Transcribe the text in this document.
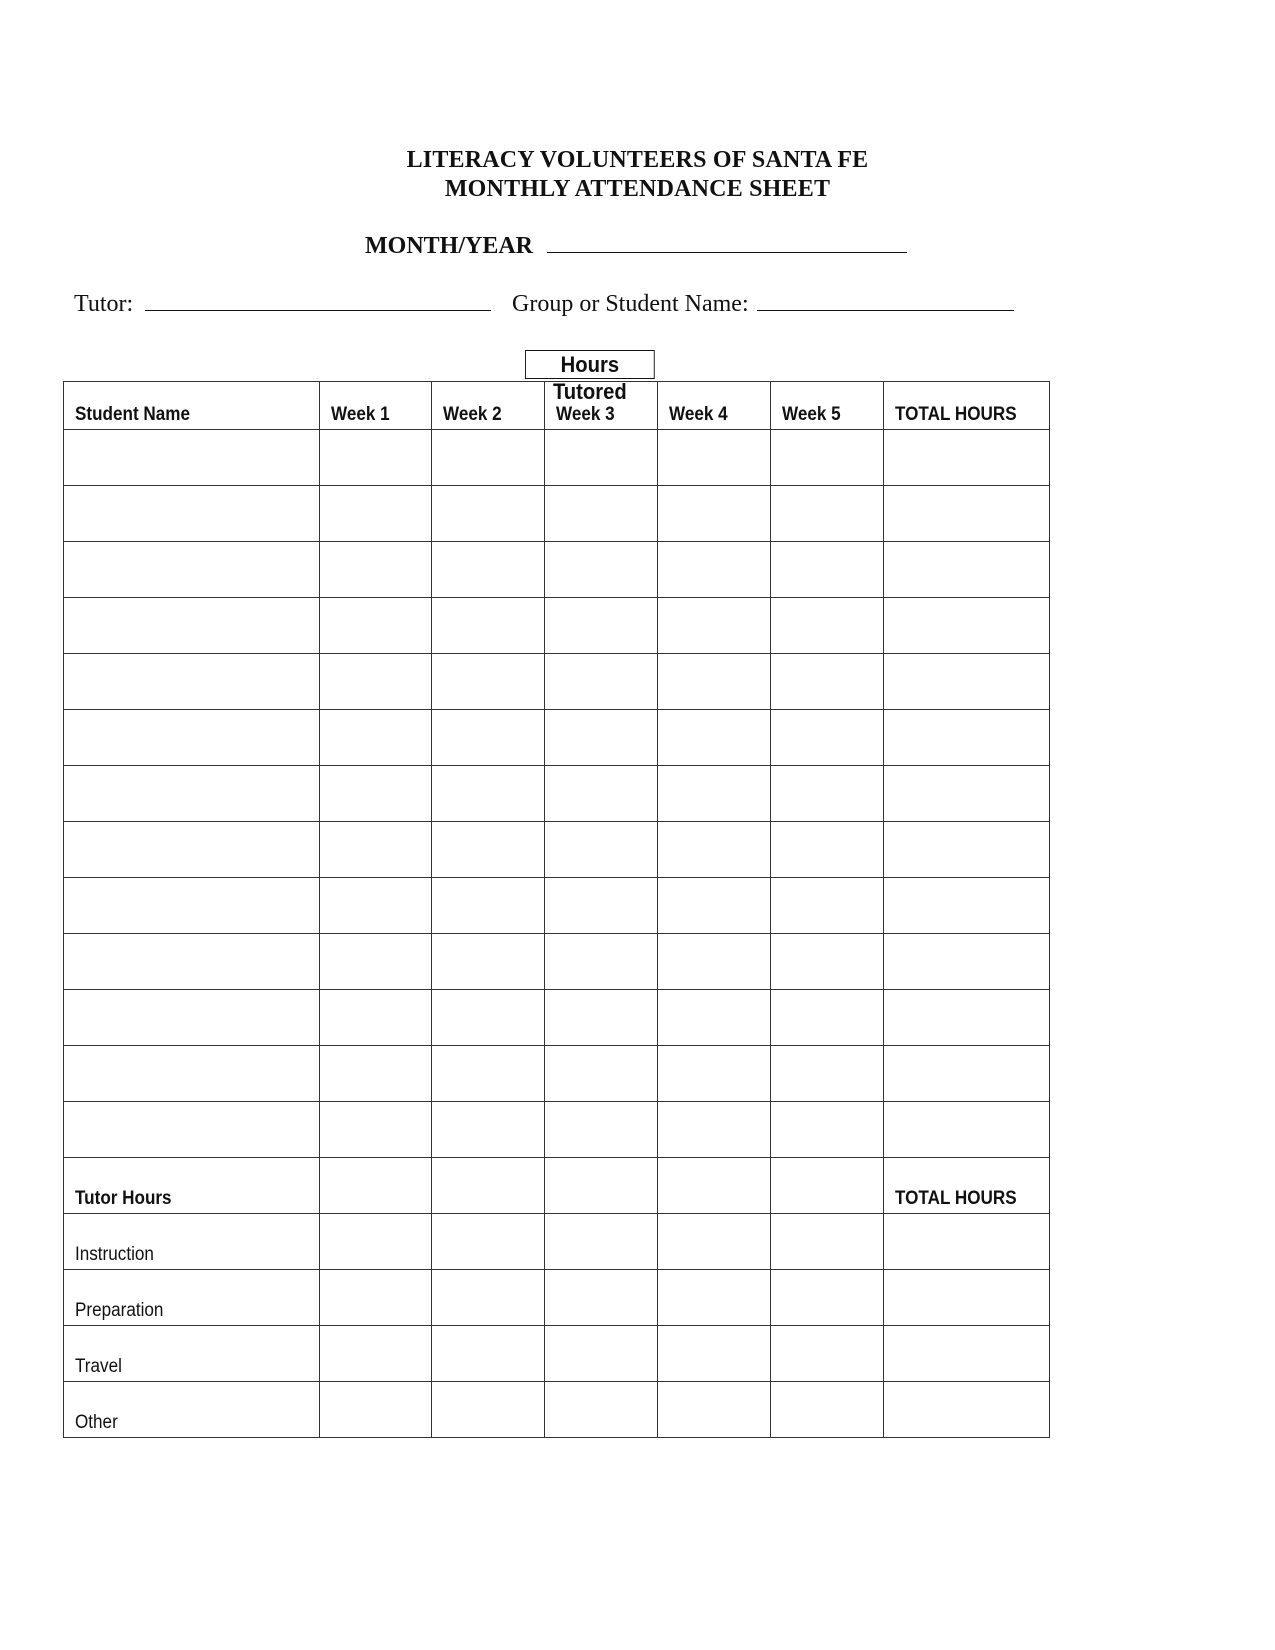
LITERACY VOLUNTEERS OF SANTA FE
MONTHLY ATTENDANCE SHEET
MONTH/YEAR
Tutor:	Group or Student Name:
Hours Tutored
Student Name	Week 1	Week 2	Week 3	Week 4	Week 5	TOTAL HOURS

Tutor Hours						TOTAL HOURS
Instruction						
Preparation						
Travel						
Other						
